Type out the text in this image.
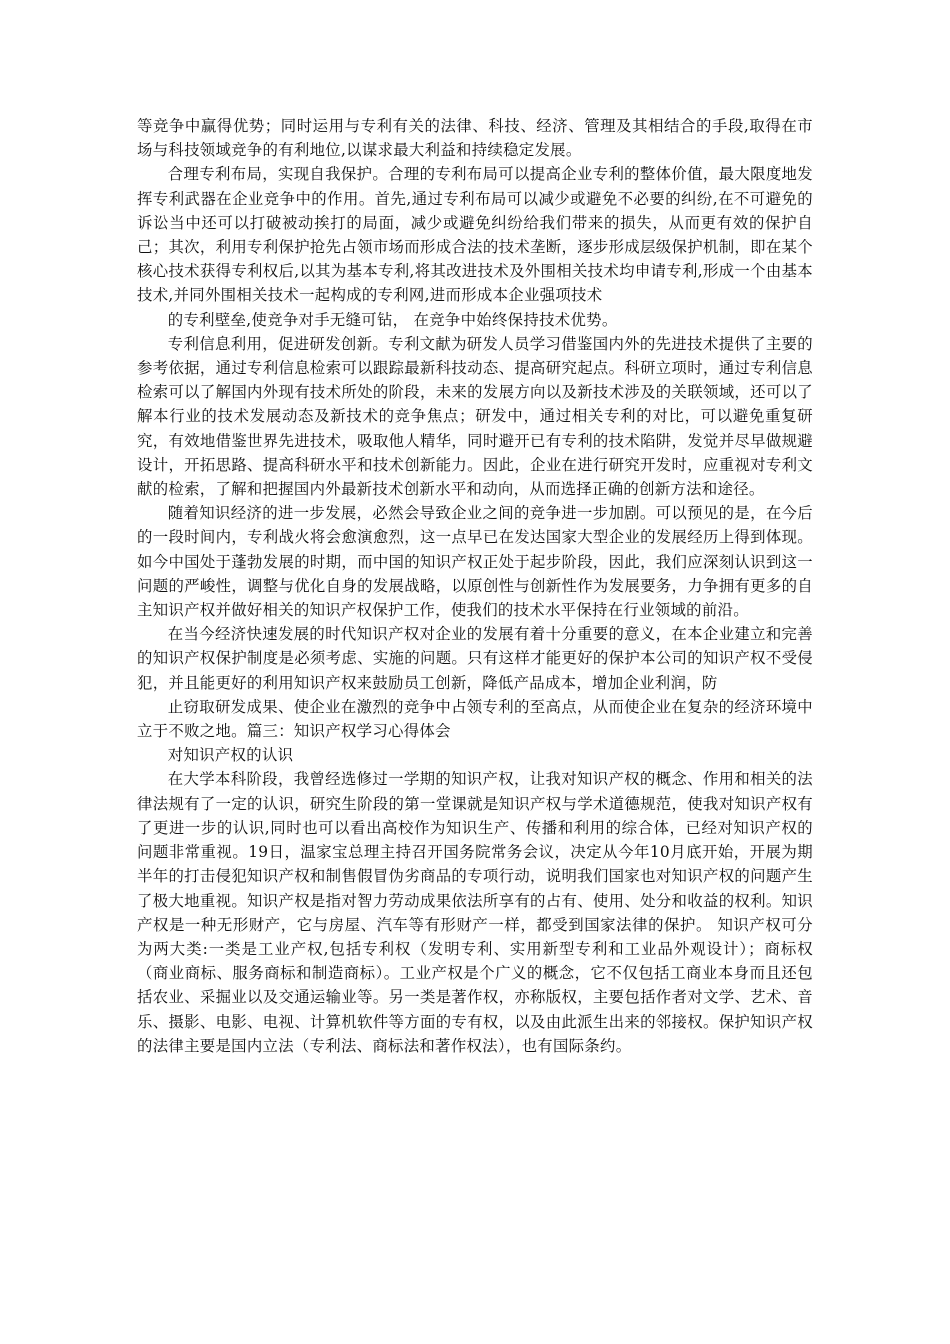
等竞争中赢得优势；同时运用与专利有关的法律、科技、经济、管理及其相结合的手段,取得在市场与科技领域竞争的有利地位,以谋求最大利益和持续稳定发展。

合理专利布局，实现自我保护。合理的专利布局可以提高企业专利的整体价值，最大限度地发挥专利武器在企业竞争中的作用。首先,通过专利布局可以减少或避免不必要的纠纷,在不可避免的诉讼当中还可以打破被动挨打的局面，减少或避免纠纷给我们带来的损失，从而更有效的保护自己；其次，利用专利保护抢先占领市场而形成合法的技术垄断，逐步形成层级保护机制，即在某个核心技术获得专利权后,以其为基本专利,将其改进技术及外围相关技术均申请专利,形成一个由基本技术,并同外围相关技术一起构成的专利网,进而形成本企业强项技术

的专利壁垒,使竞争对手无缝可钻， 在竞争中始终保持技术优势。

专利信息利用，促进研发创新。专利文献为研发人员学习借鉴国内外的先进技术提供了主要的参考依据，通过专利信息检索可以跟踪最新科技动态、提高研究起点。科研立项时，通过专利信息检索可以了解国内外现有技术所处的阶段，未来的发展方向以及新技术涉及的关联领域，还可以了解本行业的技术发展动态及新技术的竞争焦点；研发中，通过相关专利的对比，可以避免重复研究，有效地借鉴世界先进技术，吸取他人精华，同时避开已有专利的技术陷阱，发觉并尽早做规避设计，开拓思路、提高科研水平和技术创新能力。因此，企业在进行研究开发时，应重视对专利文献的检索，了解和把握国内外最新技术创新水平和动向，从而选择正确的创新方法和途径。

随着知识经济的进一步发展，必然会导致企业之间的竞争进一步加剧。可以预见的是，在今后的一段时间内，专利战火将会愈演愈烈，这一点早已在发达国家大型企业的发展经历上得到体现。如今中国处于蓬勃发展的时期，而中国的知识产权正处于起步阶段，因此，我们应深刻认识到这一问题的严峻性，调整与优化自身的发展战略，以原创性与创新性作为发展要务，力争拥有更多的自主知识产权并做好相关的知识产权保护工作，使我们的技术水平保持在行业领域的前沿。

在当今经济快速发展的时代知识产权对企业的发展有着十分重要的意义，在本企业建立和完善的知识产权保护制度是必须考虑、实施的问题。只有这样才能更好的保护本公司的知识产权不受侵犯，并且能更好的利用知识产权来鼓励员工创新，降低产品成本，增加企业利润，防

止窃取研发成果、使企业在激烈的竞争中占领专利的至高点，从而使企业在复杂的经济环境中立于不败之地。篇三：知识产权学习心得体会

对知识产权的认识

在大学本科阶段，我曾经选修过一学期的知识产权，让我对知识产权的概念、作用和相关的法律法规有了一定的认识，研究生阶段的第一堂课就是知识产权与学术道德规范，使我对知识产权有了更进一步的认识,同时也可以看出高校作为知识生产、传播和利用的综合体，已经对知识产权的问题非常重视。19日，温家宝总理主持召开国务院常务会议，决定从今年10月底开始，开展为期半年的打击侵犯知识产权和制售假冒伪劣商品的专项行动，说明我们国家也对知识产权的问题产生了极大地重视。知识产权是指对智力劳动成果依法所享有的占有、使用、处分和收益的权利。知识产权是一种无形财产，它与房屋、汽车等有形财产一样，都受到国家法律的保护。 知识产权可分为两大类:一类是工业产权,包括专利权（发明专利、实用新型专利和工业品外观设计）；商标权（商业商标、服务商标和制造商标）。工业产权是个广义的概念，它不仅包括工商业本身而且还包括农业、采掘业以及交通运输业等。另一类是著作权，亦称版权，主要包括作者对文学、艺术、音乐、摄影、电影、电视、计算机软件等方面的专有权，以及由此派生出来的邻接权。保护知识产权的法律主要是国内立法（专利法、商标法和著作权法），也有国际条约。
